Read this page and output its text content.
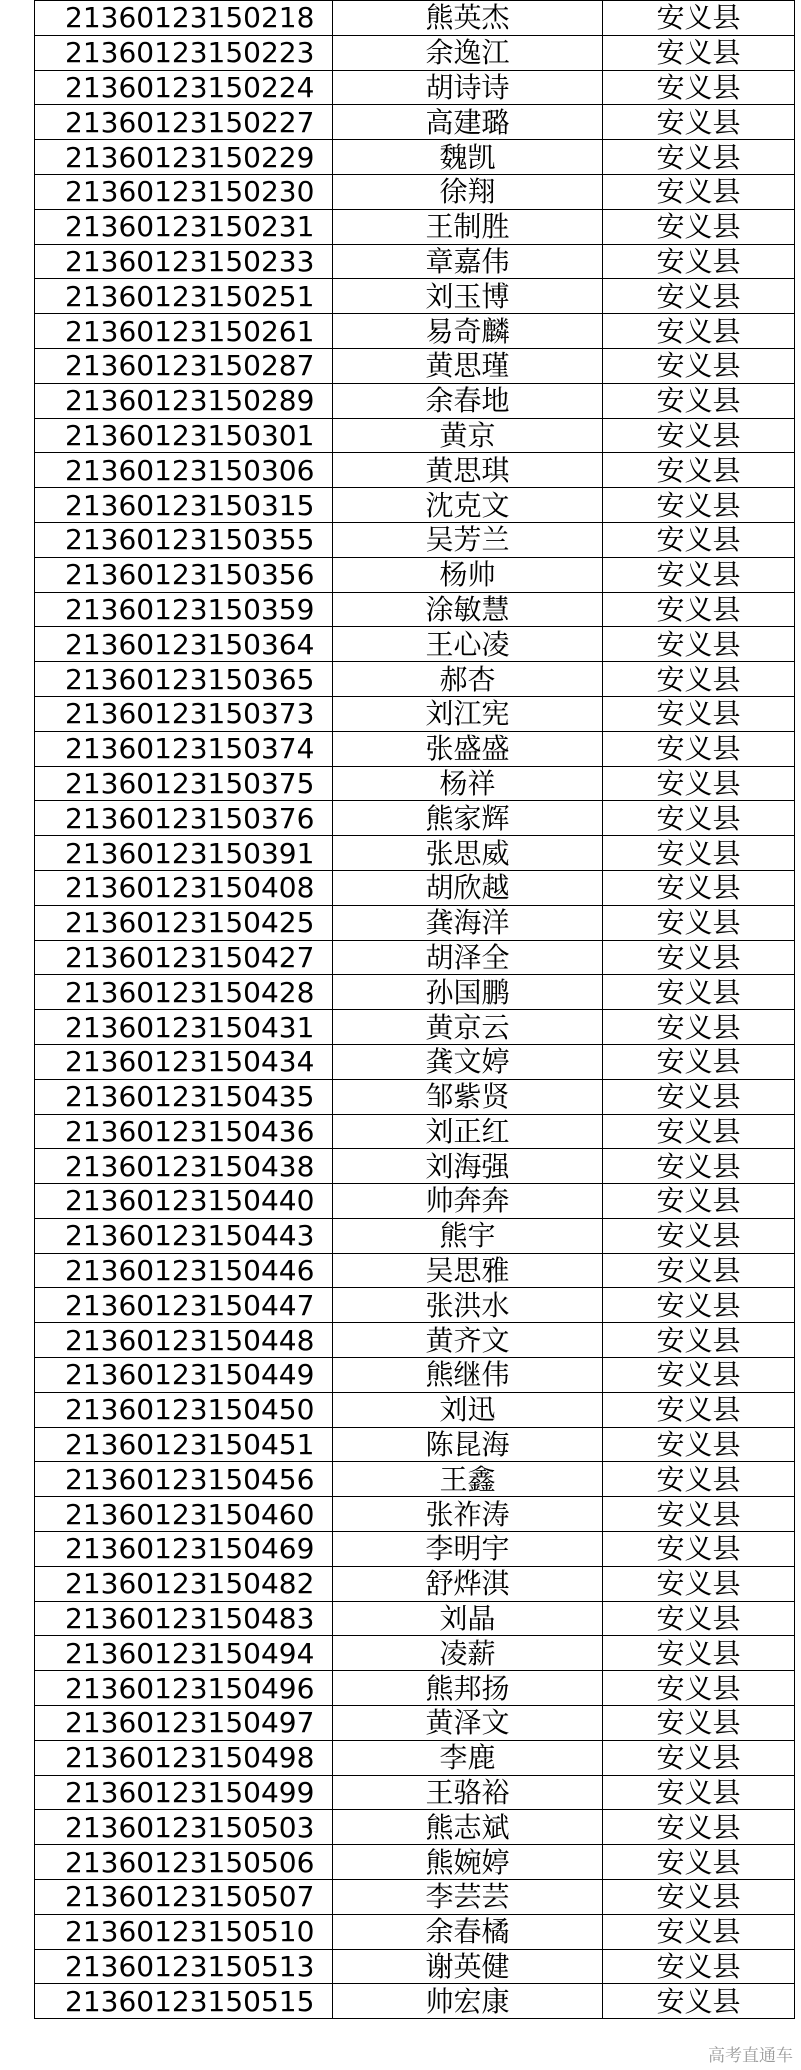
21360123150218	熊英杰	安义县
21360123150223	余逸江	安义县
21360123150224	胡诗诗	安义县
21360123150227	高建璐	安义县
21360123150229	魏凯	安义县
21360123150230	徐翔	安义县
21360123150231	王制胜	安义县
21360123150233	章嘉伟	安义县
21360123150251	刘玉博	安义县
21360123150261	易奇麟	安义县
21360123150287	黄思瑾	安义县
21360123150289	余春地	安义县
21360123150301	黄京	安义县
21360123150306	黄思琪	安义县
21360123150315	沈克文	安义县
21360123150355	吴芳兰	安义县
21360123150356	杨帅	安义县
21360123150359	涂敏慧	安义县
21360123150364	王心凌	安义县
21360123150365	郝杏	安义县
21360123150373	刘江宪	安义县
21360123150374	张盛盛	安义县
21360123150375	杨祥	安义县
21360123150376	熊家辉	安义县
21360123150391	张思威	安义县
21360123150408	胡欣越	安义县
21360123150425	龚海洋	安义县
21360123150427	胡泽全	安义县
21360123150428	孙国鹏	安义县
21360123150431	黄京云	安义县
21360123150434	龚文婷	安义县
21360123150435	邹紫贤	安义县
21360123150436	刘正红	安义县
21360123150438	刘海强	安义县
21360123150440	帅奔奔	安义县
21360123150443	熊宇	安义县
21360123150446	吴思雅	安义县
21360123150447	张洪水	安义县
21360123150448	黄齐文	安义县
21360123150449	熊继伟	安义县
21360123150450	刘迅	安义县
21360123150451	陈昆海	安义县
21360123150456	王鑫	安义县
21360123150460	张祚涛	安义县
21360123150469	李明宇	安义县
21360123150482	舒烨淇	安义县
21360123150483	刘晶	安义县
21360123150494	凌薪	安义县
21360123150496	熊邦扬	安义县
21360123150497	黄泽文	安义县
21360123150498	李鹿	安义县
21360123150499	王骆裕	安义县
21360123150503	熊志斌	安义县
21360123150506	熊婉婷	安义县
21360123150507	李芸芸	安义县
21360123150510	余春橘	安义县
21360123150513	谢英健	安义县
21360123150515	帅宏康	安义县
高考直通车
